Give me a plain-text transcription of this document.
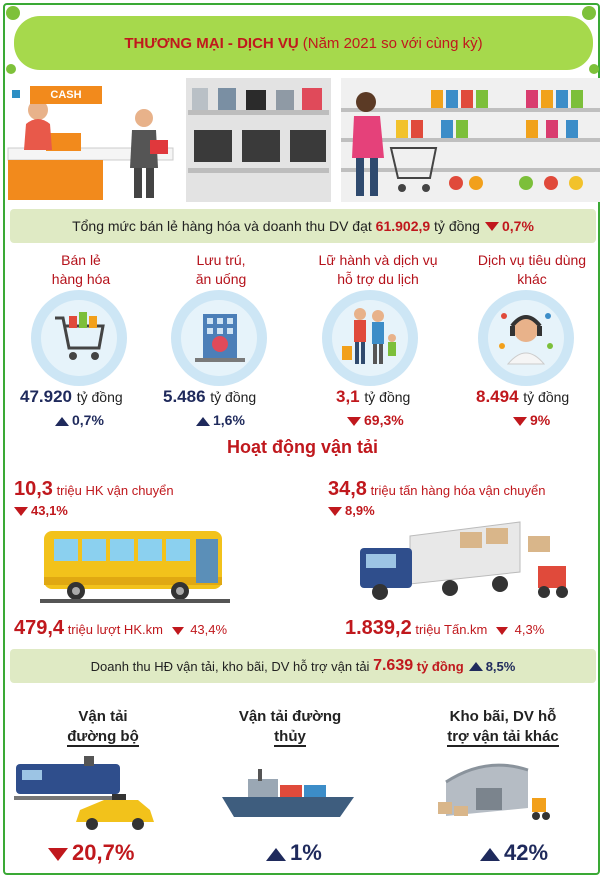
THƯƠNG MẠI - DỊCH VỤ (Năm 2021 so với cùng kỳ)
CASH
Tổng mức bán lẻ hàng hóa và doanh thu DV đạt
61.902,9
tỷ đồng 0,7%
Bán lẻ
hàng hóa
47.920 tỷ đồng
0,7%
Lưu trú,
ăn uống
5.486 tỷ đồng
1,6%
Lữ hành và dịch vụ
hỗ trợ du lịch
3,1 tỷ đồng
69,3%
Dịch vụ tiêu dùng
khác
8.494 tỷ đồng
9%
Hoạt động vận tải
10,3 triệu HK vận chuyển
43,1%
34,8 triệu tấn hàng hóa vận chuyển
8,9%
479,4 triệu lượt HK.km 43,4%	1.839,2 triệu Tấn.km 4,3%
Doanh thu HĐ vận tải, kho bãi, DV hỗ trợ vận tải
7.639
tỷ đồng 8,5%
Vận tải
đường bộ
20,7%
Vận tải đường
thủy
1%
Kho bãi, DV hỗ
trợ vận tải khác
42%
